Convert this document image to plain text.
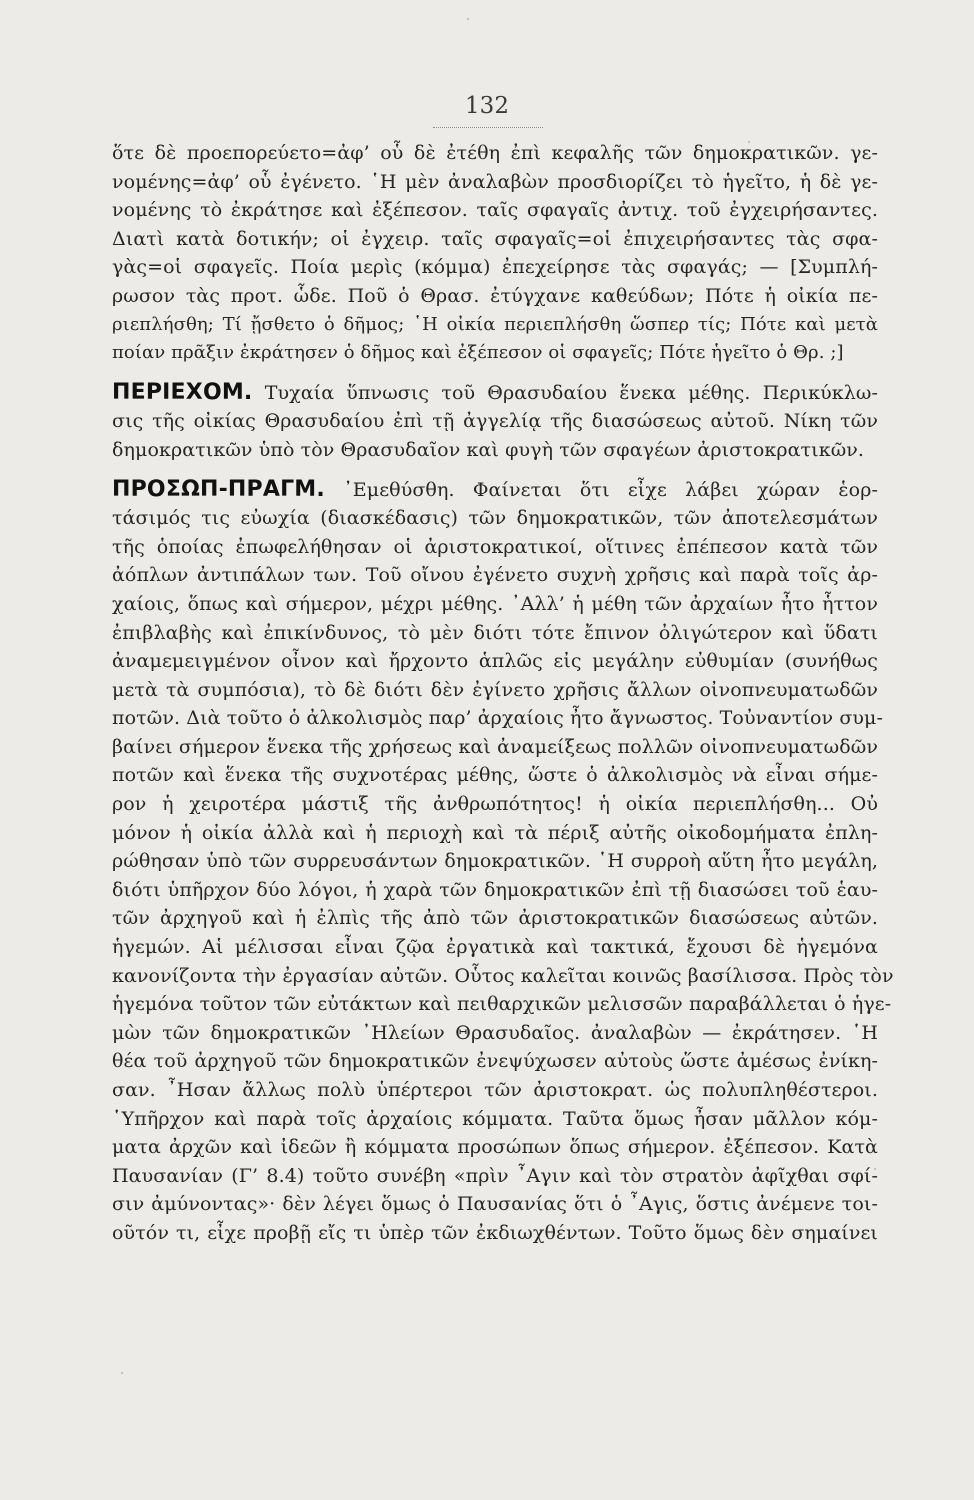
132
ὅτε δὲ προεπορεύετο=ἀφ’ οὗ δὲ ἐτέθη ἐπὶ κεφαλῆς τῶν δημοκρατικῶν. γε-
νομένης=ἀφ’ οὗ ἐγένετο. ῾Η μὲν ἀναλαβὼν προσδιορίζει τὸ ἡγεῖτο, ἡ δὲ γε-
νομένης τὸ ἐκράτησε καὶ ἐξέπεσον. ταῖς σφαγαῖς ἀντιχ. τοῦ ἐγχειρήσαντες.
Διατὶ κατὰ δοτικήν; οἱ ἐγχειρ. ταῖς σφαγαῖς=οἱ ἐπιχειρήσαντες τὰς σφα-
γὰς=οἱ σφαγεῖς. Ποία μερὶς (κόμμα) ἐπεχείρησε τὰς σφαγάς; — [Συμπλή-
ρωσον τὰς προτ. ὧδε. Ποῦ ὁ Θρασ. ἐτύγχανε καθεύδων; Πότε ἡ οἰκία πε-
ριεπλήσθη; Τί ᾔσθετο ὁ δῆμος; ῾Η οἰκία περιεπλήσθη ὥσπερ τίς; Πότε καὶ μετὰ
ποίαν πρᾶξιν ἐκράτησεν ὁ δῆμος καὶ ἐξέπεσον οἱ σφαγεῖς; Πότε ἡγεῖτο ὁ Θρ. ;]
ΠΕΡΙΕΧΟΜ. Τυχαία ὕπνωσις τοῦ Θρασυδαίου ἕνεκα μέθης. Περικύκλω-
σις τῆς οἰκίας Θρασυδαίου ἐπὶ τῇ ἀγγελίᾳ τῆς διασώσεως αὐτοῦ. Νίκη τῶν
δημοκρατικῶν ὑπὸ τὸν Θρασυδαῖον καὶ φυγὴ τῶν σφαγέων ἀριστοκρατικῶν.
ΠΡΟΣΩΠ-ΠΡΑΓΜ. ᾿Εμεθύσθη. Φαίνεται ὅτι εἶχε λάβει χώραν ἑορ-
τάσιμός τις εὐωχία (διασκέδασις) τῶν δημοκρατικῶν, τῶν ἀποτελεσμάτων
τῆς ὁποίας ἐπωφελήθησαν οἱ ἀριστοκρατικοί, οἵτινες ἐπέπεσον κατὰ τῶν
ἀόπλων ἀντιπάλων των. Τοῦ οἴνου ἐγένετο συχνὴ χρῆσις καὶ παρὰ τοῖς ἀρ-
χαίοις, ὅπως καὶ σήμερον, μέχρι μέθης. ᾿Αλλ’ ἡ μέθη τῶν ἀρχαίων ἦτο ἧττον
ἐπιβλαβὴς καὶ ἐπικίνδυνος, τὸ μὲν διότι τότε ἔπινον ὀλιγώτερον καὶ ὕδατι
ἀναμεμειγμένον οἶνον καὶ ἤρχοντο ἁπλῶς εἰς μεγάλην εὐθυμίαν (συνήθως
μετὰ τὰ συμπόσια), τὸ δὲ διότι δὲν ἐγίνετο χρῆσις ἄλλων οἰνοπνευματωδῶν
ποτῶν. Διὰ τοῦτο ὁ ἀλκολισμὸς παρ’ ἀρχαίοις ἦτο ἄγνωστος. Τοὐναντίον συμ-
βαίνει σήμερον ἕνεκα τῆς χρήσεως καὶ ἀναμείξεως πολλῶν οἰνοπνευματωδῶν
ποτῶν καὶ ἕνεκα τῆς συχνοτέρας μέθης, ὥστε ὁ ἀλκολισμὸς νὰ εἶναι σήμε-
ρον ἡ χειροτέρα μάστιξ τῆς ἀνθρωπότητος! ἡ οἰκία περιεπλήσθη... Οὐ
μόνον ἡ οἰκία ἀλλὰ καὶ ἡ περιοχὴ καὶ τὰ πέριξ αὐτῆς οἰκοδομήματα ἐπλη-
ρώθησαν ὑπὸ τῶν συρρευσάντων δημοκρατικῶν. ῾Η συρροὴ αὕτη ἦτο μεγάλη,
διότι ὑπῆρχον δύο λόγοι, ἡ χαρὰ τῶν δημοκρατικῶν ἐπὶ τῇ διασώσει τοῦ ἑαυ-
τῶν ἀρχηγοῦ καὶ ἡ ἐλπὶς τῆς ἀπὸ τῶν ἀριστοκρατικῶν διασώσεως αὐτῶν.
ἡγεμών. Αἱ μέλισσαι εἶναι ζῷα ἐργατικὰ καὶ τακτικά, ἔχουσι δὲ ἡγεμόνα
κανονίζοντα τὴν ἐργασίαν αὐτῶν. Οὗτος καλεῖται κοινῶς βασίλισσα. Πρὸς τὸν
ἡγεμόνα τοῦτον τῶν εὐτάκτων καὶ πειθαρχικῶν μελισσῶν παραβάλλεται ὁ ἡγε-
μὼν τῶν δημοκρατικῶν ᾿Ηλείων Θρασυδαῖος. ἀναλαβὼν — ἐκράτησεν. ῾Η
θέα τοῦ ἀρχηγοῦ τῶν δημοκρατικῶν ἐνεψύχωσεν αὐτοὺς ὥστε ἀμέσως ἐνίκη-
σαν. ῏Ησαν ἄλλως πολὺ ὑπέρτεροι τῶν ἀριστοκρατ. ὡς πολυπληθέστεροι.
῾Υπῆρχον καὶ παρὰ τοῖς ἀρχαίοις κόμματα. Ταῦτα ὅμως ἦσαν μᾶλλον κόμ-
ματα ἀρχῶν καὶ ἰδεῶν ἢ κόμματα προσώπων ὅπως σήμερον. ἐξέπεσον. Κατὰ
Παυσανίαν (Γ’ 8.4) τοῦτο συνέβη «πρὶν ῏Αγιν καὶ τὸν στρατὸν ἀφῖχθαι σφί-
σιν ἀμύνοντας»· δὲν λέγει ὅμως ὁ Παυσανίας ὅτι ὁ ῏Αγις, ὅστις ἀνέμενε τοι-
οῦτόν τι, εἶχε προβῇ εἴς τι ὑπὲρ τῶν ἐκδιωχθέντων. Τοῦτο ὅμως δὲν σημαίνει
